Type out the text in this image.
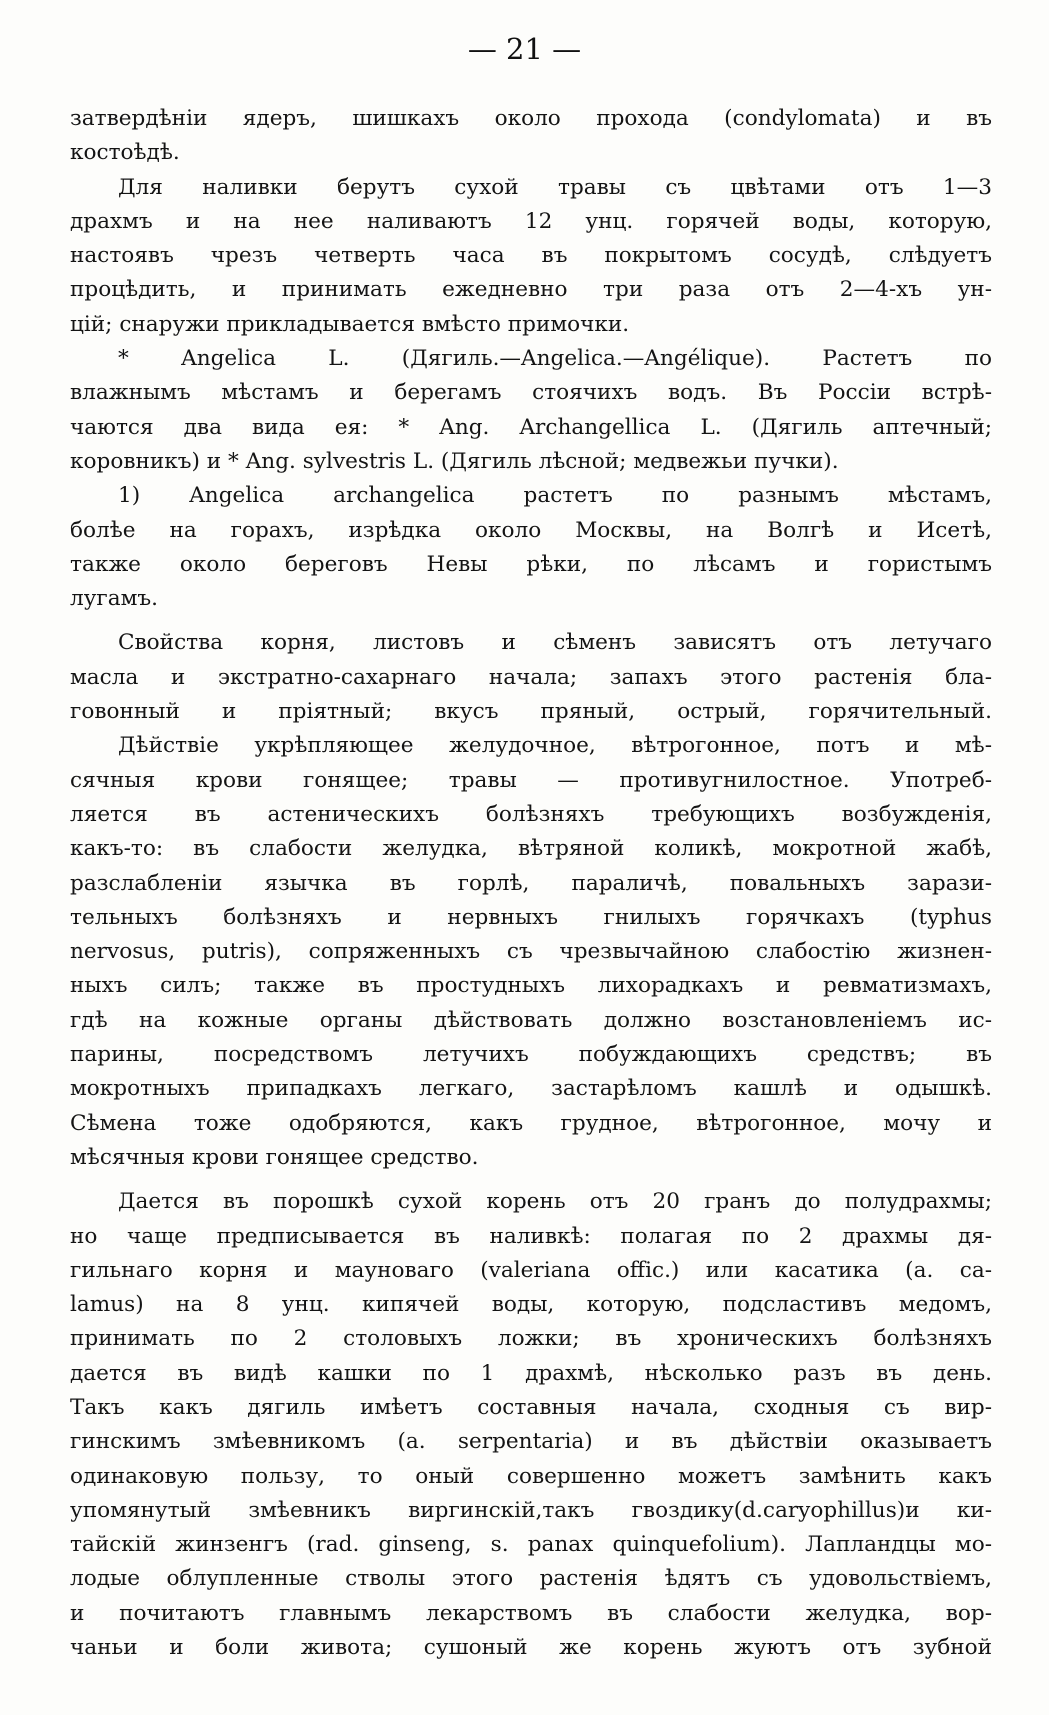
— 21 —
затвердѣніи ядеръ, шишкахъ около прохода (condylomata) и въ
костоѣдѣ.
Для наливки берутъ сухой травы съ цвѣтами отъ 1—3
драхмъ и на нее наливаютъ 12 унц. горячей воды, которую,
настоявъ чрезъ четверть часа въ покрытомъ сосудѣ, слѣдуетъ
процѣдить, и принимать ежедневно три раза отъ 2—4-хъ ун-
цій; снаружи прикладывается вмѣсто примочки.
* Angelica L. (Дягиль.—Angelica.—Angélique). Растетъ по
влажнымъ мѣстамъ и берегамъ стоячихъ водъ. Въ Россіи встрѣ-
чаются два вида ея: * Ang. Archangellica L. (Дягиль аптечный;
коровникъ) и * Ang. sylvestris L. (Дягиль лѣсной; медвежьи пучки).
1) Angelica archangelica растетъ по разнымъ мѣстамъ,
болѣе на горахъ, изрѣдка около Москвы, на Волгѣ и Исетѣ,
также около береговъ Невы рѣки, по лѣсамъ и гористымъ
лугамъ.
Свойства корня, листовъ и сѣменъ зависятъ отъ летучаго
масла и экстратно-сахарнаго начала; запахъ этого растенія бла-
говонный и пріятный; вкусъ пряный, острый, горячительный.
Дѣйствіе укрѣпляющее желудочное, вѣтрогонное, потъ и мѣ-
сячныя крови гонящее; травы — противугнилостное. Употреб-
ляется въ астеническихъ болѣзняхъ требующихъ возбужденія,
какъ-то: въ слабости желудка, вѣтряной коликѣ, мокротной жабѣ,
разслабленіи язычка въ горлѣ, параличѣ, повальныхъ зарази-
тельныхъ болѣзняхъ и нервныхъ гнилыхъ горячкахъ (typhus
nervosus, putris), сопряженныхъ съ чрезвычайною слабостію жизнен-
ныхъ силъ; также въ простудныхъ лихорадкахъ и ревматизмахъ,
гдѣ на кожные органы дѣйствовать должно возстановленіемъ ис-
парины, посредствомъ летучихъ побуждающихъ средствъ; въ
мокротныхъ припадкахъ легкаго, застарѣломъ кашлѣ и одышкѣ.
Сѣмена тоже одобряются, какъ грудное, вѣтрогонное, мочу и
мѣсячныя крови гонящее средство.
Дается въ порошкѣ сухой корень отъ 20 гранъ до полудрахмы;
но чаще предписывается въ наливкѣ: полагая по 2 драхмы дя-
гильнаго корня и мауноваго (valeriana offic.) или касатика (a. ca-
lamus) на 8 унц. кипячей воды, которую, подсластивъ медомъ,
принимать по 2 столовыхъ ложки; въ хроническихъ болѣзняхъ
дается въ видѣ кашки по 1 драхмѣ, нѣсколько разъ въ день.
Такъ какъ дягиль имѣетъ составныя начала, сходныя съ вир-
гинскимъ змѣевникомъ (a. serpentaria) и въ дѣйствіи оказываетъ
одинаковую пользу, то оный совершенно можетъ замѣнить какъ
упомянутый змѣевникъ виргинскій,такъ гвоздику(d.caryophillus)и ки-
тайскій жинзенгъ (rad. ginseng, s. panax quinquefolium). Лапландцы мо-
лодые облупленные стволы этого растенія ѣдятъ съ удовольствіемъ,
и почитаютъ главнымъ лекарствомъ въ слабости желудка, вор-
чаньи и боли живота; сушоный же корень жуютъ отъ зубной
